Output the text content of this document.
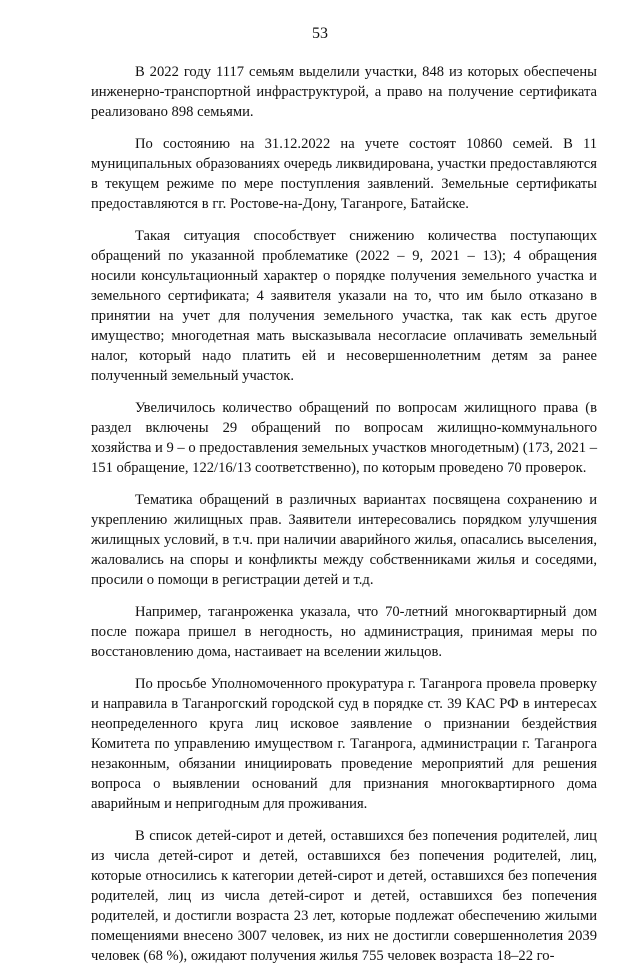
53

В 2022 году 1117 семьям выделили участки, 848 из которых обеспечены инженерно-транспортной инфраструктурой, а право на получение сертификата реализовано 898 семьями.

По состоянию на 31.12.2022 на учете состоят 10860 семей. В 11 муниципальных образованиях очередь ликвидирована, участки предоставляются в текущем режиме по мере поступления заявлений. Земельные сертификаты предоставляются в гг. Ростове-на-Дону, Таганроге, Батайске.

Такая ситуация способствует снижению количества поступающих обращений по указанной проблематике (2022 – 9, 2021 – 13); 4 обращения носили консультационный характер о порядке получения земельного участка и земельного сертификата; 4 заявителя указали на то, что им было отказано в принятии на учет для получения земельного участка, так как есть другое имущество; многодетная мать высказывала несогласие оплачивать земельный налог, который надо платить ей и несовершеннолетним детям за ранее полученный земельный участок.

Увеличилось количество обращений по вопросам жилищного права (в раздел включены 29 обращений по вопросам жилищно-коммунального хозяйства и 9 – о предоставления земельных участков многодетным) (173, 2021 – 151 обращение, 122/16/13 соответственно), по которым проведено 70 проверок.

Тематика обращений в различных вариантах посвящена сохранению и укреплению жилищных прав. Заявители интересовались порядком улучшения жилищных условий, в т.ч. при наличии аварийного жилья, опасались выселения, жаловались на споры и конфликты между собственниками жилья и соседями, просили о помощи в регистрации детей и т.д.

Например, таганроженка указала, что 70-летний многоквартирный дом после пожара пришел в негодность, но администрация, принимая меры по восстановлению дома, настаивает на вселении жильцов.

По просьбе Уполномоченного прокуратура г. Таганрога провела проверку и направила в Таганрогский городской суд в порядке ст. 39 КАС РФ в интересах неопределенного круга лиц исковое заявление о признании бездействия Комитета по управлению имуществом г. Таганрога, администрации г. Таганрога незаконным, обязании инициировать проведение мероприятий для решения вопроса о выявлении оснований для признания многоквартирного дома аварийным и непригодным для проживания.

В список детей-сирот и детей, оставшихся без попечения родителей, лиц из числа детей-сирот и детей, оставшихся без попечения родителей, лиц, которые относились к категории детей-сирот и детей, оставшихся без попечения родителей, лиц из числа детей-сирот и детей, оставшихся без попечения родителей, и достигли возраста 23 лет, которые подлежат обеспечению жилыми помещениями внесено 3007 человек, из них не достигли совершеннолетия 2039 человек (68 %), ожидают получения жилья 755 человек возраста 18–22 го-
